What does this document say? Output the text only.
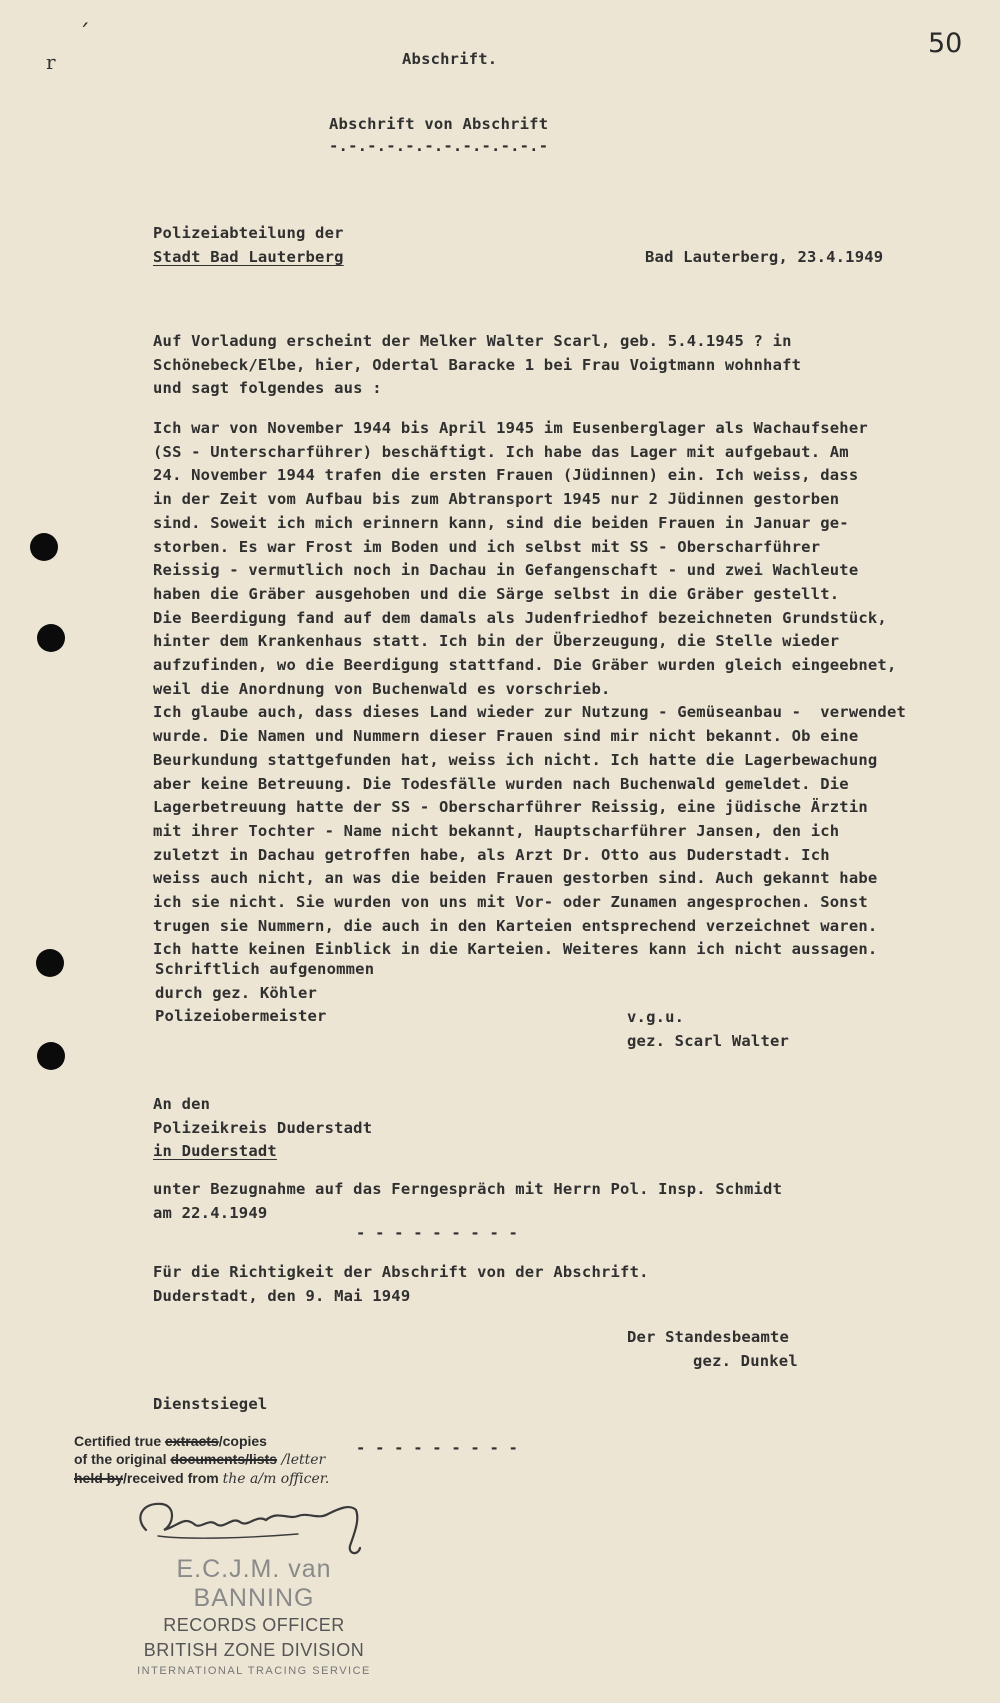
ˊ
r
50
Abschrift.
Abschrift von Abschrift
-.-.-.-.-.-.-.-.-.-.-.-
Polizeiabteilung der
Stadt Bad Lauterberg	Bad Lauterberg, 23.4.1949
Auf Vorladung erscheint der Melker Walter Scarl, geb. 5.4.1945 ? in
Schönebeck/Elbe, hier, Odertal Baracke 1 bei Frau Voigtmann wohnhaft
und sagt folgendes aus :
Ich war von November 1944 bis April 1945 im Eusenberglager als Wachaufseher
(SS - Unterscharführer) beschäftigt. Ich habe das Lager mit aufgebaut. Am
24. November 1944 trafen die ersten Frauen (Jüdinnen) ein. Ich weiss, dass
in der Zeit vom Aufbau bis zum Abtransport 1945 nur 2 Jüdinnen gestorben
sind. Soweit ich mich erinnern kann, sind die beiden Frauen in Januar ge-
storben. Es war Frost im Boden und ich selbst mit SS - Oberscharführer
Reissig - vermutlich noch in Dachau in Gefangenschaft - und zwei Wachleute
haben die Gräber ausgehoben und die Särge selbst in die Gräber gestellt.
Die Beerdigung fand auf dem damals als Judenfriedhof bezeichneten Grundstück,
hinter dem Krankenhaus statt. Ich bin der Überzeugung, die Stelle wieder
aufzufinden, wo die Beerdigung stattfand. Die Gräber wurden gleich eingeebnet,
weil die Anordnung von Buchenwald es vorschrieb.
Ich glaube auch, dass dieses Land wieder zur Nutzung - Gemüseanbau -  verwendet
wurde. Die Namen und Nummern dieser Frauen sind mir nicht bekannt. Ob eine
Beurkundung stattgefunden hat, weiss ich nicht. Ich hatte die Lagerbewachung
aber keine Betreuung. Die Todesfälle wurden nach Buchenwald gemeldet. Die
Lagerbetreuung hatte der SS - Oberscharführer Reissig, eine jüdische Ärztin
mit ihrer Tochter - Name nicht bekannt, Hauptscharführer Jansen, den ich
zuletzt in Dachau getroffen habe, als Arzt Dr. Otto aus Duderstadt. Ich
weiss auch nicht, an was die beiden Frauen gestorben sind. Auch gekannt habe
ich sie nicht. Sie wurden von uns mit Vor- oder Zunamen angesprochen. Sonst
trugen sie Nummern, die auch in den Karteien entsprechend verzeichnet waren.
Ich hatte keinen Einblick in die Karteien. Weiteres kann ich nicht aussagen.
Schriftlich aufgenommen
durch gez. Köhler
Polizeiobermeister	v.g.u.
gez. Scarl Walter
An den
Polizeikreis Duderstadt
in Duderstadt
unter Bezugnahme auf das Ferngespräch mit Herrn Pol. Insp. Schmidt
am 22.4.1949
- - - - - - - - -
Für die Richtigkeit der Abschrift von der Abschrift.
Duderstadt, den 9. Mai 1949
Der Standesbeamte
gez. Dunkel
Dienstsiegel
- - - - - - - - -
Certified true extracts/copies
of the original documents/lists /letter
held by/received from the a/m officer.
E.C.J.M. van BANNING
RECORDS OFFICER
BRITISH ZONE DIVISION
INTERNATIONAL TRACING SERVICE
